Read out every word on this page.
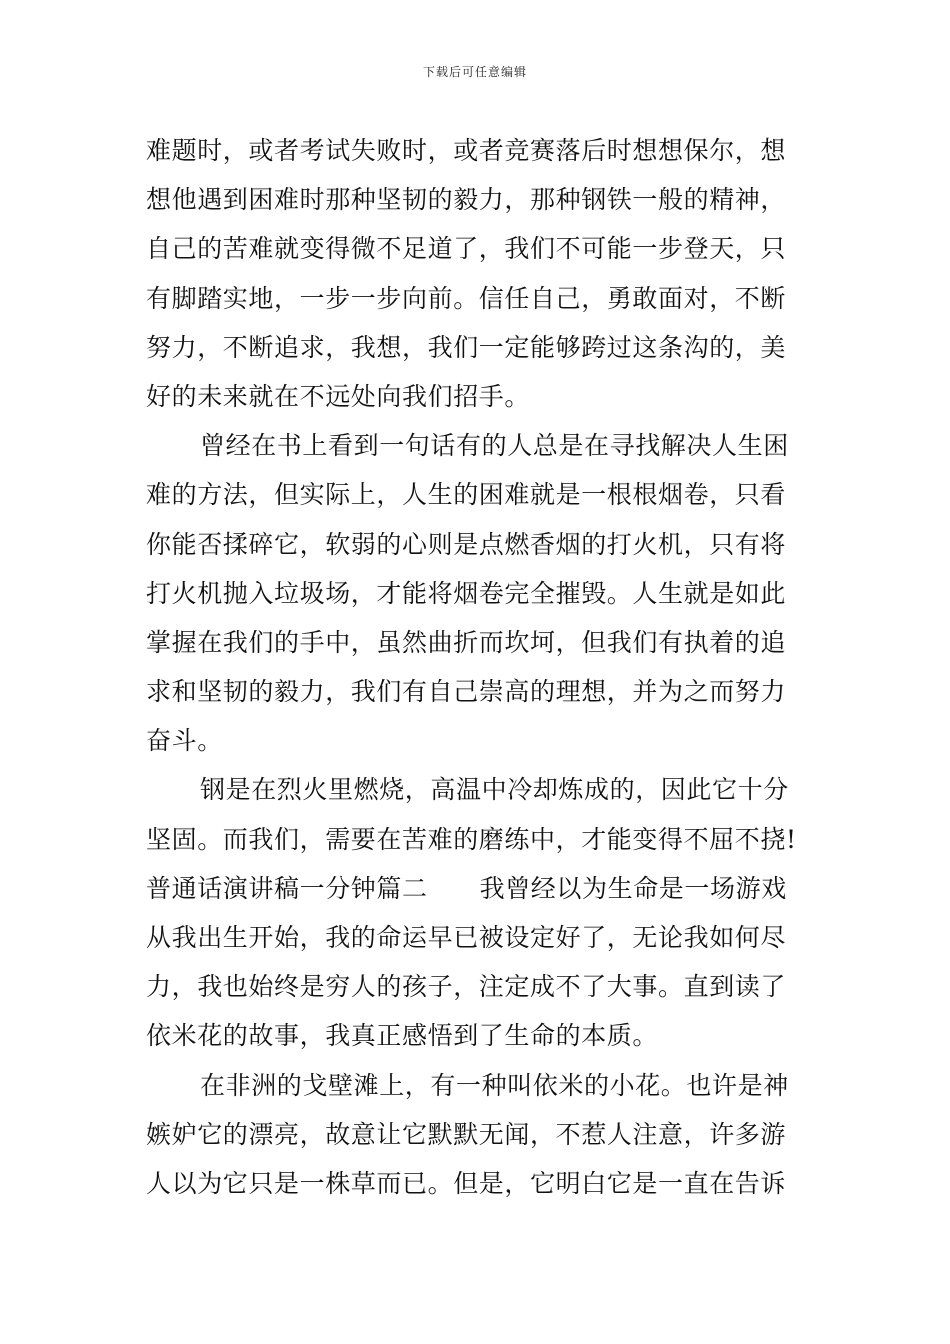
下载后可任意编辑
难题时，或者考试失败时，或者竞赛落后时想想保尔，想
想他遇到困难时那种坚韧的毅力，那种钢铁一般的精神，
自己的苦难就变得微不足道了，我们不可能一步登天，只
有脚踏实地，一步一步向前。信任自己，勇敢面对，不断
努力，不断追求，我想，我们一定能够跨过这条沟的，美
好的未来就在不远处向我们招手。
曾经在书上看到一句话有的人总是在寻找解决人生困
难的方法，但实际上，人生的困难就是一根根烟卷，只看
你能否揉碎它，软弱的心则是点燃香烟的打火机，只有将
打火机抛入垃圾场，才能将烟卷完全摧毁。人生就是如此
掌握在我们的手中，虽然曲折而坎坷，但我们有执着的追
求和坚韧的毅力，我们有自己崇高的理想，并为之而努力
奋斗。
钢是在烈火里燃烧，高温中冷却炼成的，因此它十分
坚固。而我们，需要在苦难的磨练中，才能变得不屈不挠!
普通话演讲稿一分钟篇二 我曾经以为生命是一场游戏
从我出生开始，我的命运早已被设定好了，无论我如何尽
力，我也始终是穷人的孩子，注定成不了大事。直到读了
依米花的故事，我真正感悟到了生命的本质。
在非洲的戈壁滩上，有一种叫依米的小花。也许是神
嫉妒它的漂亮，故意让它默默无闻，不惹人注意，许多游
人以为它只是一株草而已。但是，它明白它是一直在告诉
